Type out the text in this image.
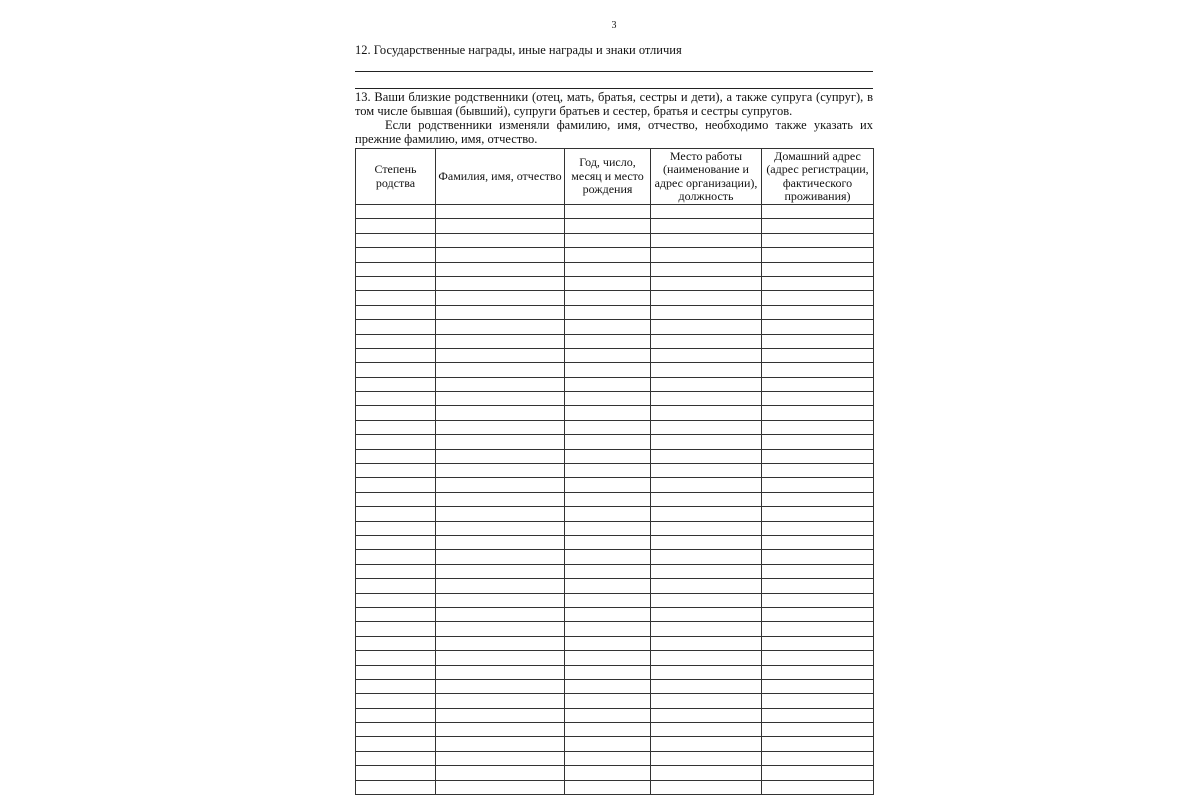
3
12. Государственные награды, иные награды и знаки отличия

13. Ваши близкие родственники (отец, мать, братья, сестры и дети), а также супруга (супруг), в том числе бывшая (бывший), супруги братьев и сестер, братья и сестры супругов.

Если родственники изменяли фамилию, имя, отчество, необходимо также указать их прежние фамилию, имя, отчество.

Степень родства	Фамилия, имя, отчество	Год, число, месяц и место рождения	Место работы (наименование и адрес организации), должность	Домашний адрес (адрес регистрации, фактического проживания)
